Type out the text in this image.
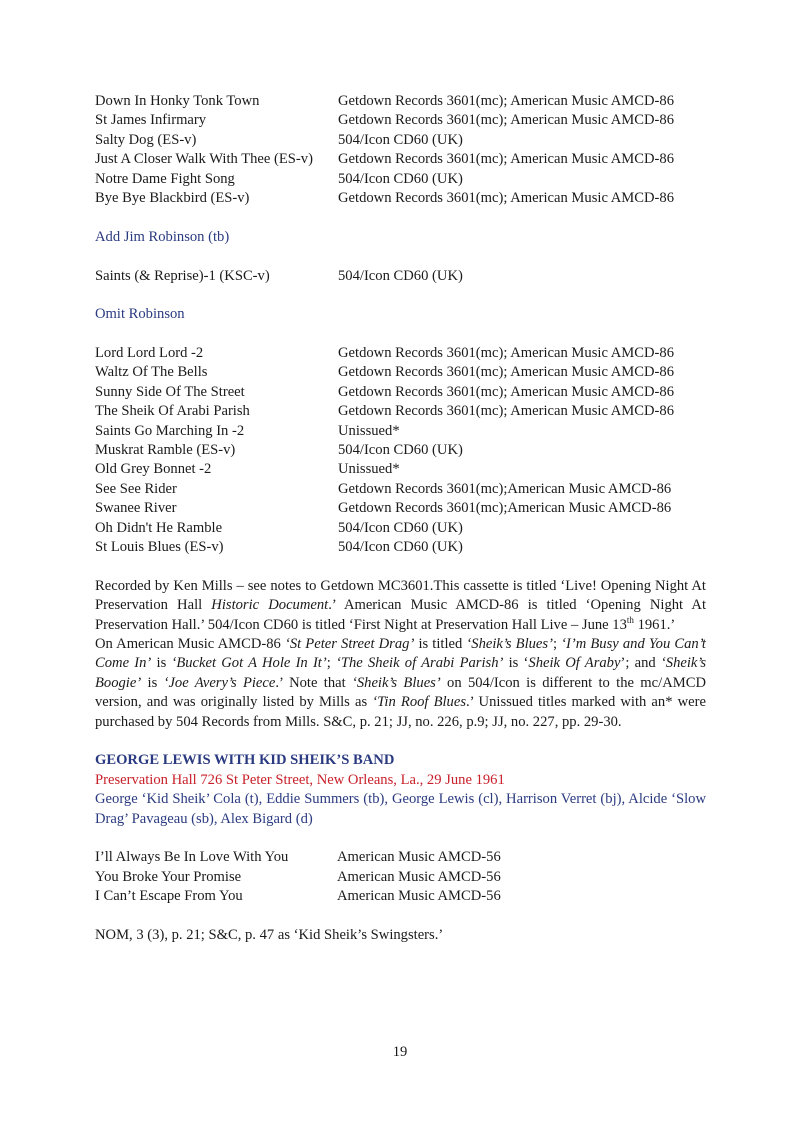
Down In Honky Tonk Town	Getdown Records 3601(mc); American Music AMCD-86
St James Infirmary	Getdown Records 3601(mc); American Music AMCD-86
Salty Dog (ES-v)	504/Icon CD60 (UK)
Just A Closer Walk With Thee (ES-v) Getdown Records 3601(mc); American Music AMCD-86
Notre Dame Fight Song	504/Icon CD60 (UK)
Bye Bye Blackbird (ES-v)	Getdown Records 3601(mc); American Music AMCD-86
Add Jim Robinson (tb)
Saints (& Reprise)-1 (KSC-v)	504/Icon CD60 (UK)
Omit Robinson
Lord Lord Lord -2	Getdown Records 3601(mc); American Music AMCD-86
Waltz Of The Bells	Getdown Records 3601(mc); American Music AMCD-86
Sunny Side Of The Street	Getdown Records 3601(mc); American Music AMCD-86
The Sheik Of Arabi Parish	Getdown Records 3601(mc); American Music AMCD-86
Saints Go Marching In -2	Unissued*
Muskrat Ramble (ES-v)	504/Icon CD60 (UK)
Old Grey Bonnet -2	Unissued*
See See Rider	Getdown Records 3601(mc);American Music AMCD-86
Swanee River	Getdown Records 3601(mc);American Music AMCD-86
Oh Didn't He Ramble	504/Icon CD60 (UK)
St Louis Blues (ES-v)	504/Icon CD60 (UK)
Recorded by Ken Mills – see notes to Getdown MC3601.This cassette is titled ‘Live! Opening Night At Preservation Hall Historic Document.’ American Music AMCD-86 is titled ‘Opening Night At Preservation Hall.’ 504/Icon CD60 is titled ‘First Night at Preservation Hall Live – June 13th 1961.’
On American Music AMCD-86 ‘St Peter Street Drag’ is titled ‘Sheik’s Blues’; ‘I’m Busy and You Can’t Come In’ is ‘Bucket Got A Hole In It’; ‘The Sheik of Arabi Parish’ is ‘Sheik Of Araby’; and ‘Sheik’s Boogie’ is ‘Joe Avery’s Piece.’ Note that ‘Sheik’s Blues’ on 504/Icon is different to the mc/AMCD version, and was originally listed by Mills as ‘Tin Roof Blues.’ Unissued titles marked with an* were purchased by 504 Records from Mills. S&C, p. 21; JJ, no. 226, p.9; JJ, no. 227, pp. 29-30.
GEORGE LEWIS WITH KID SHEIK’S BAND
Preservation Hall 726 St Peter Street, New Orleans, La., 29 June 1961
George ‘Kid Sheik’ Cola (t), Eddie Summers (tb), George Lewis (cl), Harrison Verret (bj), Alcide ‘Slow Drag’ Pavageau (sb), Alex Bigard (d)
I’ll Always Be In Love With You	American Music AMCD-56
You Broke Your Promise	American Music AMCD-56
I Can’t Escape From You	American Music AMCD-56
NOM, 3 (3), p. 21; S&C, p. 47 as ‘Kid Sheik’s Swingsters.’
19
